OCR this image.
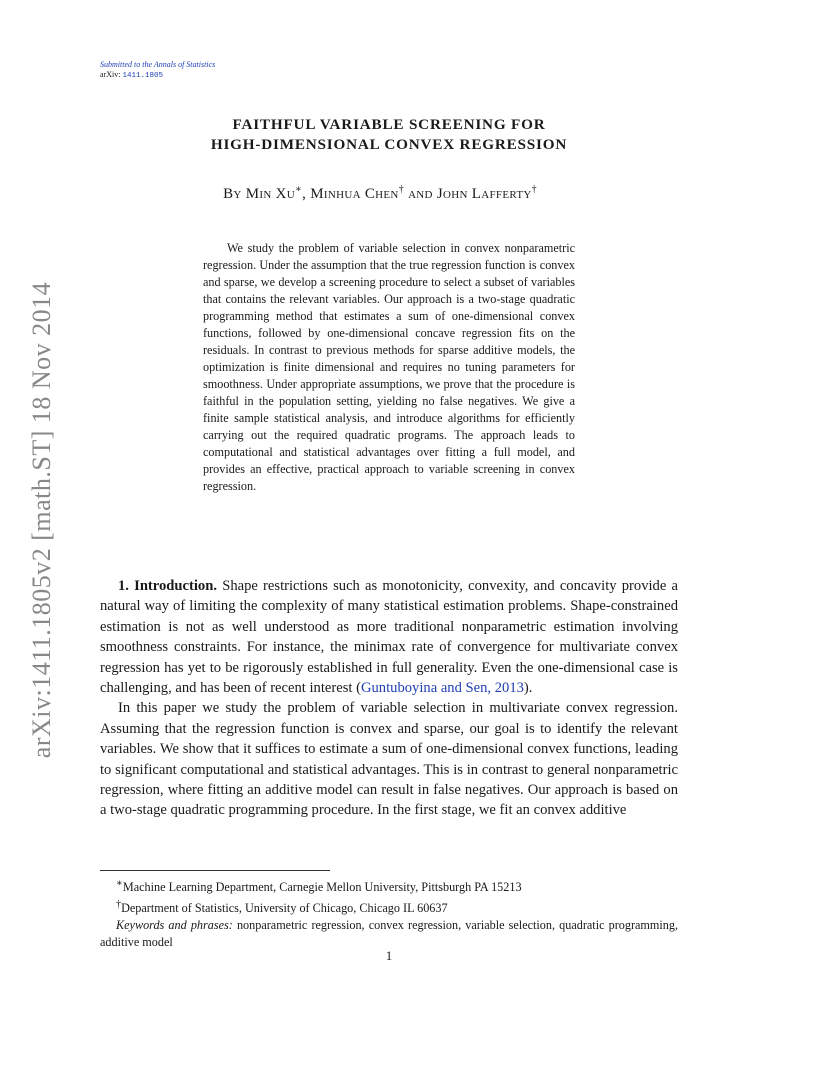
Submitted to the Annals of Statistics
arXiv: 1411.1805
arXiv:1411.1805v2 [math.ST] 18 Nov 2014
FAITHFUL VARIABLE SCREENING FOR
HIGH-DIMENSIONAL CONVEX REGRESSION
By Min Xu∗, Minhua Chen† and John Lafferty†

We study the problem of variable selection in convex nonparametric regression. Under the assumption that the true regression function is convex and sparse, we develop a screening procedure to select a subset of variables that contains the relevant variables. Our approach is a two-stage quadratic programming method that estimates a sum of one-dimensional convex functions, followed by one-dimensional concave regression fits on the residuals. In contrast to previous methods for sparse additive models, the optimization is finite dimensional and requires no tuning parameters for smoothness. Under appropriate assumptions, we prove that the procedure is faithful in the population setting, yielding no false negatives. We give a finite sample statistical analysis, and introduce algorithms for efficiently carrying out the required quadratic programs. The approach leads to computational and statistical advantages over fitting a full model, and provides an effective, practical approach to variable screening in convex regression.

1. Introduction. Shape restrictions such as monotonicity, convexity, and concavity provide a natural way of limiting the complexity of many statistical estimation problems. Shape-constrained estimation is not as well understood as more traditional nonparametric estimation involving smoothness constraints. For instance, the minimax rate of convergence for multivariate convex regression has yet to be rigorously established in full generality. Even the one-dimensional case is challenging, and has been of recent interest (Guntuboyina and Sen, 2013).

In this paper we study the problem of variable selection in multivariate convex regression. Assuming that the regression function is convex and sparse, our goal is to identify the relevant variables. We show that it suffices to estimate a sum of one-dimensional convex functions, leading to significant computational and statistical advantages. This is in contrast to general nonparametric regression, where fitting an additive model can result in false negatives. Our approach is based on a two-stage quadratic programming procedure. In the first stage, we fit an convex additive

∗Machine Learning Department, Carnegie Mellon University, Pittsburgh PA 15213

†Department of Statistics, University of Chicago, Chicago IL 60637

Keywords and phrases: nonparametric regression, convex regression, variable selection, quadratic programming, additive model

1
